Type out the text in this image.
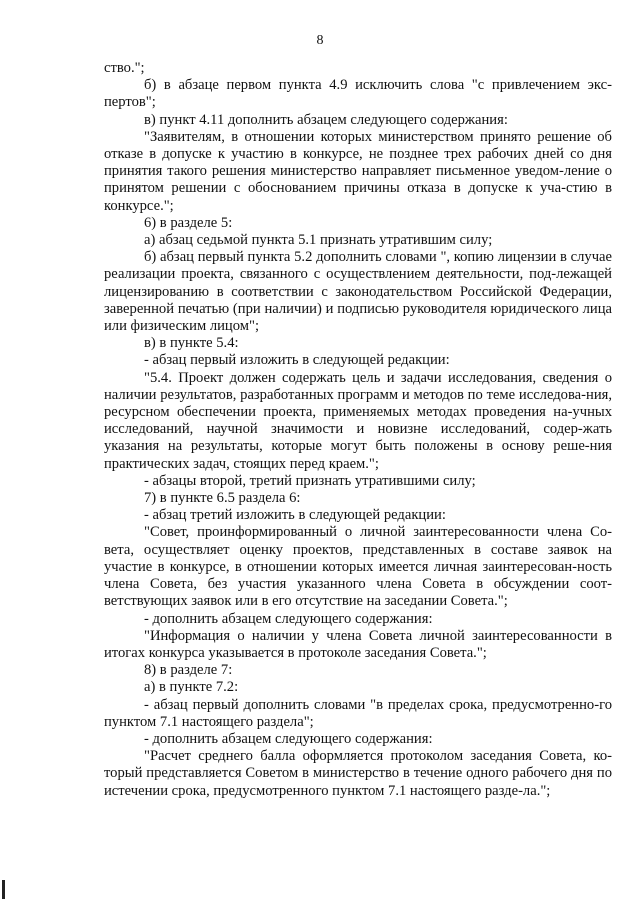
8

ство.";

б) в абзаце первом пункта 4.9 исключить слова "с привлечением экс-пертов";

в) пункт 4.11 дополнить абзацем следующего содержания:

"Заявителям, в отношении которых министерством принято решение об отказе в допуске к участию в конкурсе, не позднее трех рабочих дней со дня принятия такого решения министерство направляет письменное уведом-ление о принятом решении с обоснованием причины отказа в допуске к уча-стию в конкурсе.";

6) в разделе 5:

а) абзац седьмой пункта 5.1 признать утратившим силу;

б) абзац первый пункта 5.2 дополнить словами ", копию лицензии в случае реализации проекта, связанного с осуществлением деятельности, под-лежащей лицензированию в соответствии с законодательством Российской Федерации, заверенной печатью (при наличии) и подписью руководителя юридического лица или физическим лицом";

в) в пункте 5.4:

- абзац первый изложить в следующей редакции:

"5.4. Проект должен содержать цель и задачи исследования, сведения о наличии результатов, разработанных программ и методов по теме исследова-ния, ресурсном обеспечении проекта, применяемых методах проведения на-учных исследований, научной значимости и новизне исследований, содер-жать указания на результаты, которые могут быть положены в основу реше-ния практических задач, стоящих перед краем.";

- абзацы второй, третий признать утратившими силу;

7) в пункте 6.5 раздела 6:

- абзац третий изложить в следующей редакции:

"Совет, проинформированный о личной заинтересованности члена Со-вета, осуществляет оценку проектов, представленных в составе заявок на участие в конкурсе, в отношении которых имеется личная заинтересован-ность члена Совета, без участия указанного члена Совета в обсуждении соот-ветствующих заявок или в его отсутствие на заседании Совета.";

- дополнить абзацем следующего содержания:

"Информация о наличии у члена Совета личной заинтересованности в итогах конкурса указывается в протоколе заседания Совета.";

8) в разделе 7:

а) в пункте 7.2:

- абзац первый дополнить словами "в пределах срока, предусмотренно-го пунктом 7.1 настоящего раздела";

- дополнить абзацем следующего содержания:

"Расчет среднего балла оформляется протоколом заседания Совета, ко-торый представляется Советом в министерство в течение одного рабочего дня по истечении срока, предусмотренного пунктом 7.1 настоящего разде-ла.";
